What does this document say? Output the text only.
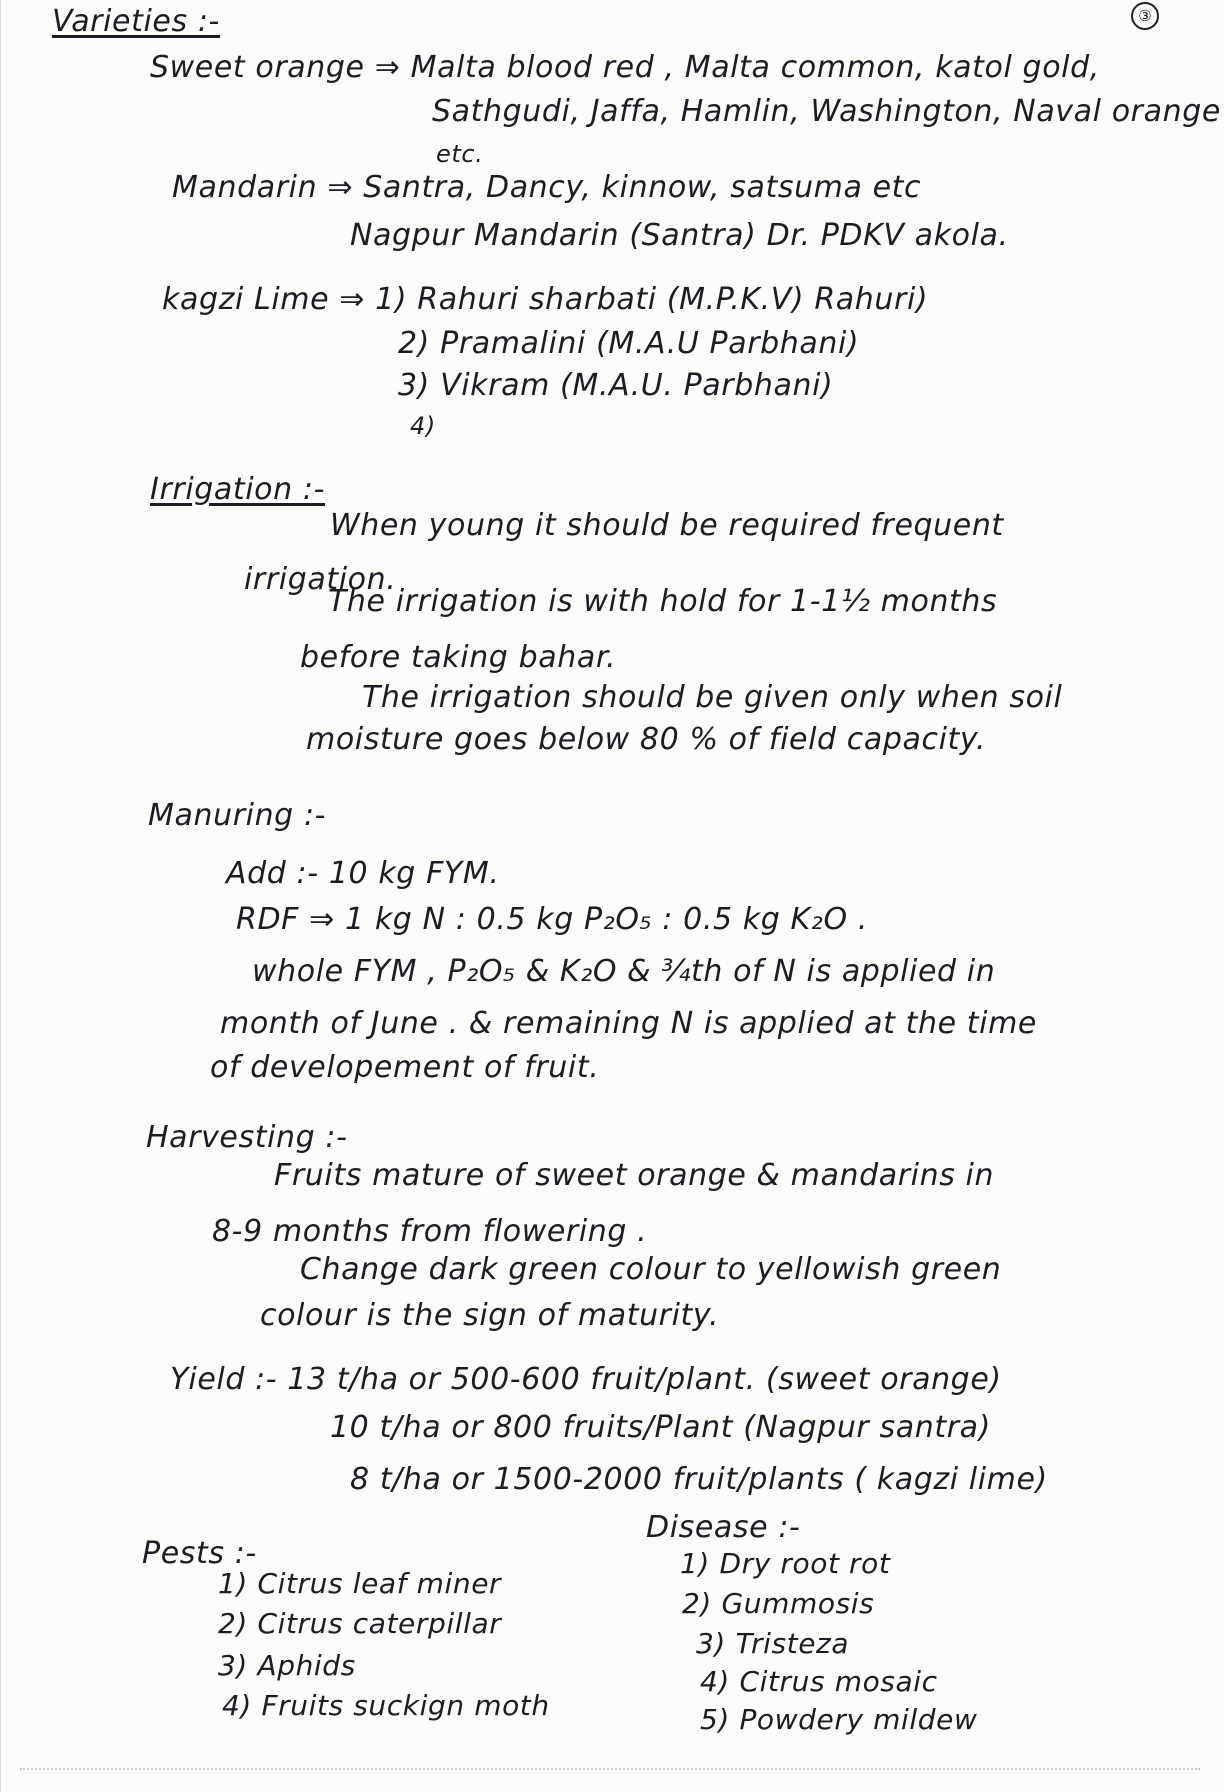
③
Varieties :-
Sweet orange ⇒ Malta blood red , Malta common, katol gold,
Sathgudi, Jaffa, Hamlin, Washington, Naval orange
etc.
Mandarin ⇒ Santra, Dancy, kinnow, satsuma etc
Nagpur Mandarin (Santra) Dr. PDKV akola.
kagzi Lime ⇒ 1) Rahuri sharbati (M.P.K.V) Rahuri)
2) Pramalini (M.A.U Parbhani)
3) Vikram (M.A.U. Parbhani)
4)
Irrigation :-
When young it should be required frequent
irrigation.
The irrigation is with hold for 1-1½ months
before taking bahar.
The irrigation should be given only when soil
moisture goes below 80 % of field capacity.
Manuring :-
Add :- 10 kg FYM.
RDF ⇒ 1 kg N : 0.5 kg P₂O₅ : 0.5 kg K₂O .
whole FYM , P₂O₅ & K₂O & ¾th of N is applied in
month of June . & remaining N is applied at the time
of developement of fruit.
Harvesting :-
Fruits mature of sweet orange & mandarins in
8-9 months from flowering .
Change dark green colour to yellowish green
colour is the sign of maturity.
Yield :- 13 t/ha or 500-600 fruit/plant. (sweet orange)
10 t/ha or 800 fruits/Plant (Nagpur santra)
8 t/ha or 1500-2000 fruit/plants ( kagzi lime)
Pests :-
1) Citrus leaf miner
2) Citrus caterpillar
3) Aphids
4) Fruits suckign moth
Disease :-
1) Dry root rot
2) Gummosis
3) Tristeza
4) Citrus mosaic
5) Powdery mildew
